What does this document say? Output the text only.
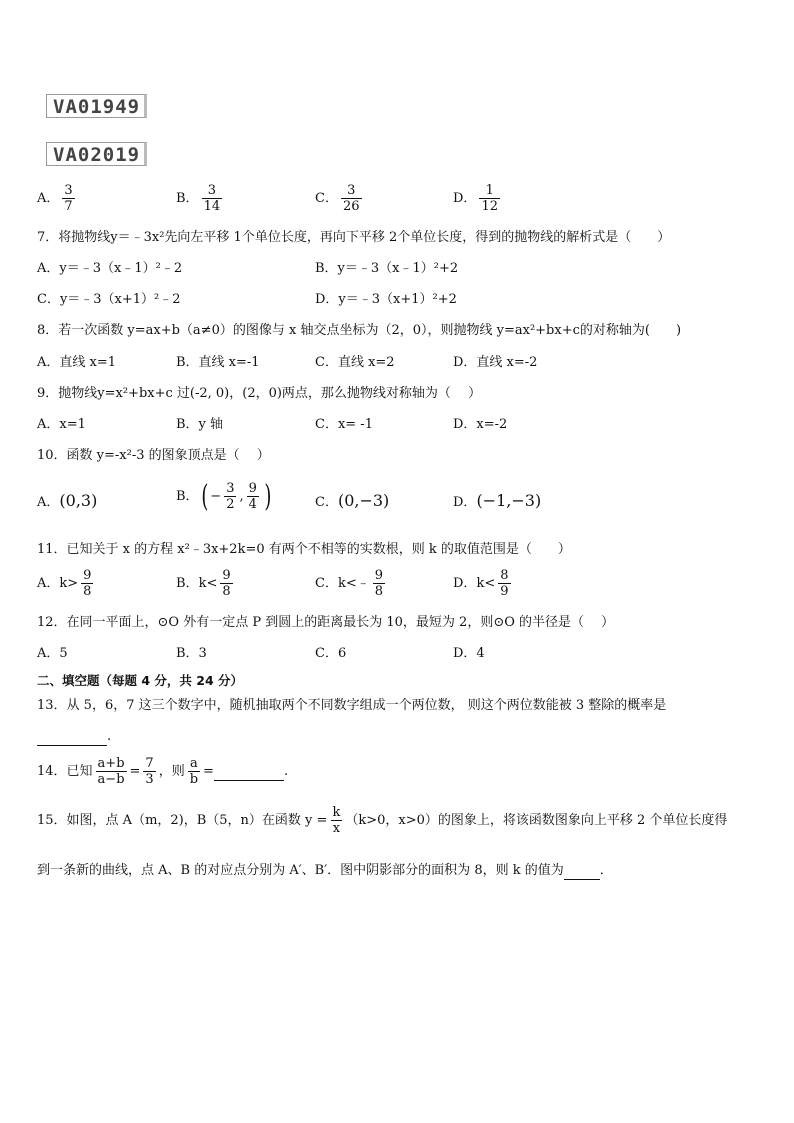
VA01949
VA02019
A． $\frac{3}{7}$	B． $\frac{3}{14}$	C． $\frac{3}{26}$	D． $\frac{1}{12}$
7．将抛物线y＝﹣3x²先向左平移 1个单位长度，再向下平移 2个单位长度，得到的抛物线的解析式是（　　）
A．y＝﹣3（x﹣1）²﹣2	B．y＝﹣3（x﹣1）²+2
C．y＝﹣3（x+1）²﹣2	D．y＝﹣3（x+1）²+2
8．若一次函数 y=ax+b（a≠0）的图像与 x 轴交点坐标为（2，0），则抛物线 y=ax²+bx+c的对称轴为(　　)
A．直线 x=1	B．直线 x=-1	C．直线 x=2	D．直线 x=-2
9．抛物线y=x²+bx+c 过(-2, 0)，(2，0)两点，那么抛物线对称轴为（　 ）
A．x=1	B．y 轴	C．x= -1	D．x=-2
10．函数 y=-x²-3 的图象顶点是（　 ）
A．(0,3)	B．( − $\frac{3}{2}$ , $\frac{9}{4}$ )	C．(0,−3)	D．(−1,−3)
11．已知关于 x 的方程 x²﹣3x+2k=0 有两个不相等的实数根，则 k 的取值范围是（　　）
A．$k> \frac{9}{8}$	B．$k< \frac{9}{8}$	C．k<﹣ $\frac{9}{8}$	D．$k< \frac{8}{9}$
12．在同一平面上，⊙O 外有一定点 P 到圆上的距离最长为 10，最短为 2，则⊙O 的半径是（　 ）
A．5	B．3	C．6	D．4
二、填空题（每题 4 分，共 24 分）
13．从 5，6，7 这三个数字中，随机抽取两个不同数字组成一个两位数， 则这个两位数能被 3 整除的概率是
.
14．已知 $\frac{a+b}{a-b} = \frac{7}{3}$ ，则 $\frac{a}{b}$ =	.
15．如图，点 A（m，2)，B（5，n）在函数 $y = \frac{k}{x} (k>0$，x>0）的图象上，将该函数图象向上平移 2 个单位长度得
到一条新的曲线，点 A、B 的对应点分别为 A′、B′．图中阴影部分的面积为 8，则 k 的值为	．
